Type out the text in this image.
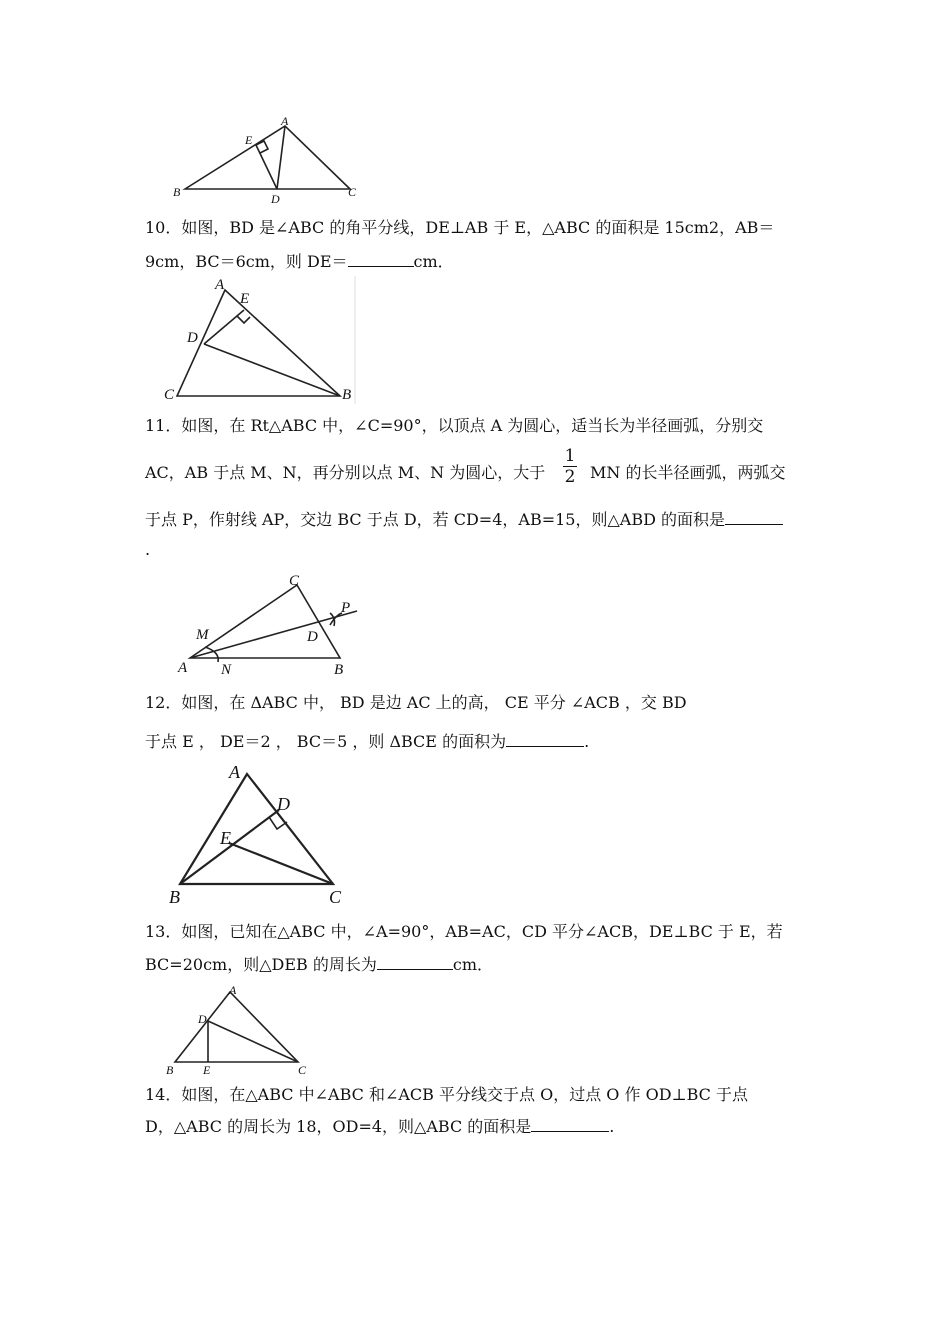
A
B	C
D
E
10．如图，BD 是∠ABC 的角平分线，DE⊥AB 于 E，△ABC 的面积是 15cm2，AB＝
9cm，BC＝6cm，则 DE＝	cm．
A
E
D
C	B
11．如图，在 Rt△ABC 中，∠C=90°，以顶点 A 为圆心，适当长为半径画弧，分别交
AC，AB 于点 M、N，再分别以点 M、N 为圆心，大于 $\frac{1}{2}$ MN 的长半径画弧，两弧交
于点 P，作射线 AP，交边 BC 于点 D，若 CD=4，AB=15，则△ABD 的面积是
.
C
P
D
M
A N	B
12．如图，在 ΔABC 中， BD 是边 AC 上的高， CE 平分 ∠ACB ，交 BD
于点 E ， DE＝2 ， BC＝5 ，则 ΔBCE 的面积为	.
A
D
E
B	C
13．如图，已知在△ABC 中，∠A=90°，AB=AC，CD 平分∠ACB，DE⊥BC 于 E，若
BC=20cm，则△DEB 的周长为	cm．
A
D
B E	C
14．如图，在△ABC 中∠ABC 和∠ACB 平分线交于点 O，过点 O 作 OD⊥BC 于点
D，△ABC 的周长为 18，OD=4，则△ABC 的面积是	.
